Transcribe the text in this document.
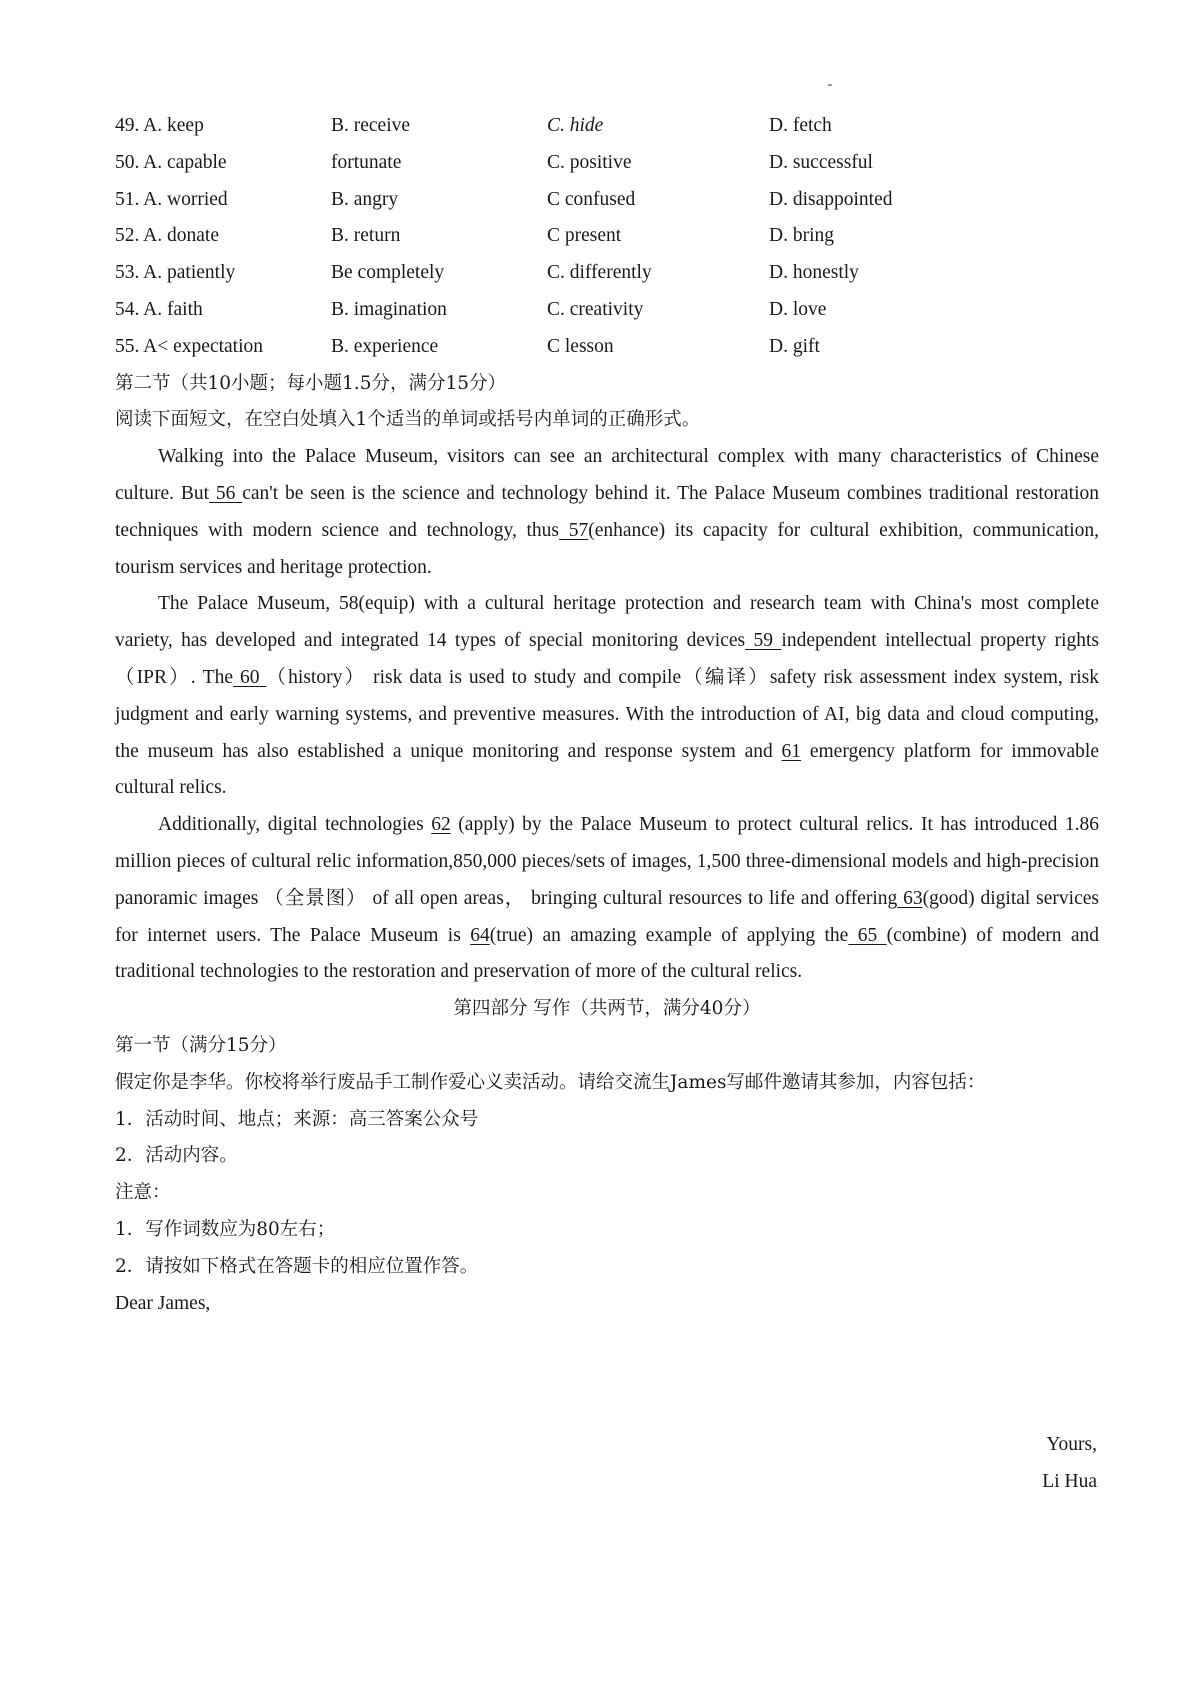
49. A. keep	B. receive	C. hide	D. fetch
50. A. capable	fortunate	C. positive	D. successful
51. A. worried	B. angry	C confused	D. disappointed
52. A. donate	B. return	C present	D. bring
53. A. patiently	Be completely	C. differently	D. honestly
54. A. faith	B. imagination	C. creativity	D. love
55. A< expectation	B. experience	C lesson	D. gift
第二节（共10小题；每小题1.5分，满分15分）
阅读下面短文，在空白处填入1个适当的单词或括号内单词的正确形式。

Walking into the Palace Museum, visitors can see an architectural complex with many characteristics of Chinese culture. But 56 can't be seen is the science and technology behind it. The Palace Museum combines traditional restoration techniques with modern science and technology, thus 57(enhance) its capacity for cultural exhibition, communication, tourism services and heritage protection.

The Palace Museum, 58(equip) with a cultural heritage protection and research team with China's most complete variety, has developed and integrated 14 types of special monitoring devices 59 independent intellectual property rights （IPR）. The 60 （history） risk data is used to study and compile（编译）safety risk assessment index system, risk judgment and early warning systems, and preventive measures. With the introduction of AI, big data and cloud computing, the museum has also established a unique monitoring and response system and 61 emergency platform for immovable cultural relics.

Additionally, digital technologies 62 (apply) by the Palace Museum to protect cultural relics. It has introduced 1.86 million pieces of cultural relic information,850,000 pieces/sets of images, 1,500 three-dimensional models and high-precision panoramic images （全景图） of all open areas， bringing cultural resources to life and offering 63(good) digital services for internet users. The Palace Museum is 64(true) an amazing example of applying the 65 (combine) of modern and traditional technologies to the restoration and preservation of more of the cultural relics.

第四部分 写作（共两节，满分40分）
第一节（满分15分）
假定你是李华。你校将举行废品手工制作爱心义卖活动。请给交流生James写邮件邀请其参加，内容包括：
1．活动时间、地点；来源：高三答案公众号
2．活动内容。
注意：
1．写作词数应为80左右；
2．请按如下格式在答题卡的相应位置作答。
Dear James,
Yours,
Li Hua
